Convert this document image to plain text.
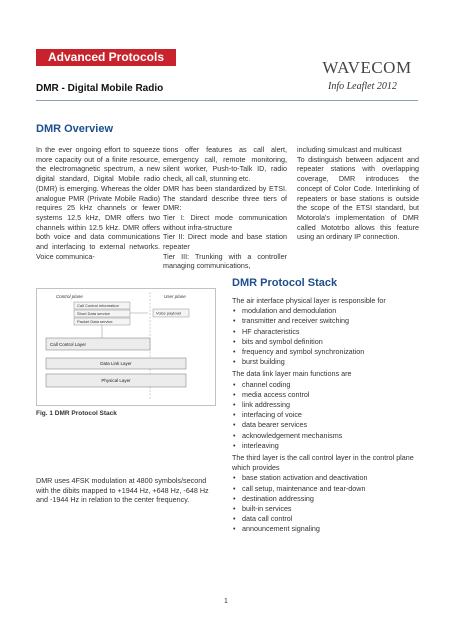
Advanced Protocols
DMR - Digital Mobile Radio
WAVECOM
Info Leaflet 2012
DMR Overview

In the ever ongoing effort to squeeze more capacity out of a finite resource, the electromagnetic spectrum, a new digital standard, Digital Mobile radio (DMR) is emerging. Whereas the older analogue PMR (Private Mobile Radio) requires 25 kHz channels or fewer systems 12.5 kHz, DMR offers two channels within 12.5 kHz. DMR offers both voice and data communications and interfacing to external networks. Voice communica-

tions offer features as call alert, emergency call, remote monitoring, silent worker, Push-to-Talk ID, radio check, all call, stunning etc.

DMR has been standardized by ETSI. The standard describe three tiers of DMR:

Tier I: Direct mode communication without infra-structure

Tier II: Direct mode and base station repeater

Tier III: Trunking with a controller managing communications,

including simulcast and multicast

To distinguish between adjacent and repeater stations with overlapping coverage, DMR introduces the concept of Color Code. Interlinking of repeaters or base stations is outside the scope of the ETSI standard, but Motorola's implementation of DMR called Mototrbo allows this feature using an ordinary IP connection.

DMR Protocol Stack
Control plane	User plane
Call Control information
Short Data service
Packet Data service
Voice payload
Call Control Layer
Data Link Layer
Physical Layer
Fig. 1 DMR Protocol Stack
DMR uses 4FSK modulation at 4800 symbols/second with the dibits mapped to +1944 Hz, +648 Hz, -648 Hz and -1944 Hz in relation to the center frequency.

The air interface physical layer is responsible for

• modulation and demodulation
• transmitter and receiver switching
• HF characteristics
• bits and symbol definition
• frequency and symbol synchronization
• burst building

The data link layer main functions are

• channel coding
• media access control
• link addressing
• interfacing of voice
• data bearer services
• acknowledgement mechanisms
• interleaving

The third layer is the call control layer in the control plane which provides

• base station activation and deactivation
• call setup, maintenance and tear-down
• destination addressing
• built-in services
• data call control
• announcement signaling
1
